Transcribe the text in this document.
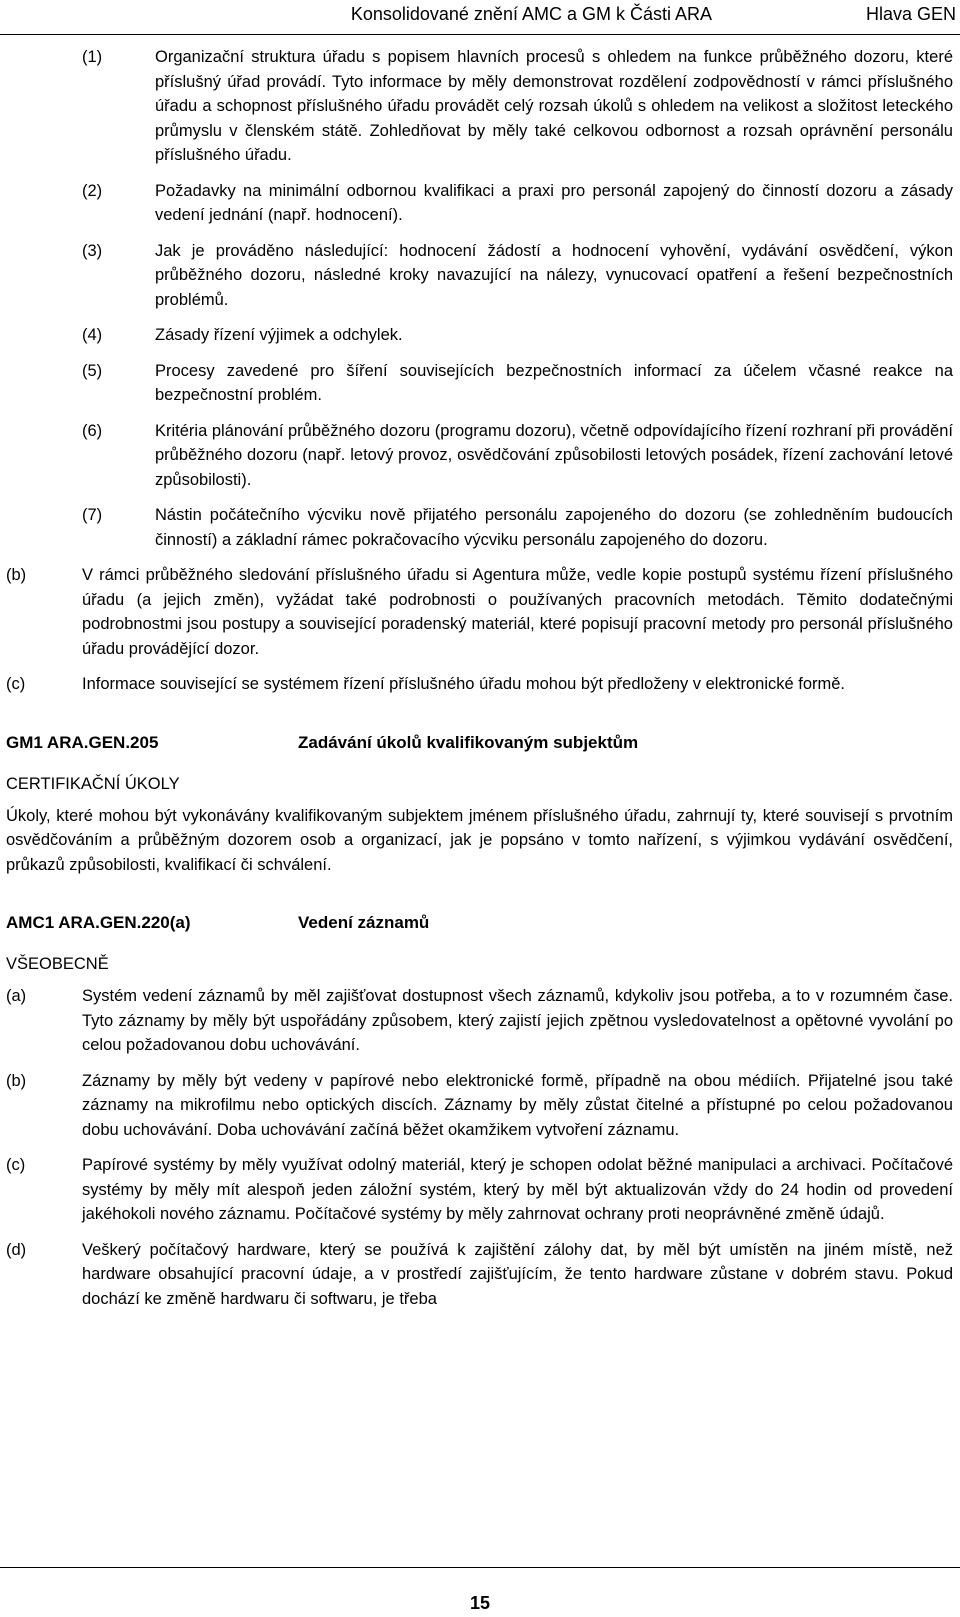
Konsolidované znění AMC a GM k Části ARA	Hlava GEN
(1)	Organizační struktura úřadu s popisem hlavních procesů s ohledem na funkce průběžného dozoru, které příslušný úřad provádí. Tyto informace by měly demonstrovat rozdělení zodpovědností v rámci příslušného úřadu a schopnost příslušného úřadu provádět celý rozsah úkolů s ohledem na velikost a složitost leteckého průmyslu v členském státě. Zohledňovat by měly také celkovou odbornost a rozsah oprávnění personálu příslušného úřadu.
(2)	Požadavky na minimální odbornou kvalifikaci a praxi pro personál zapojený do činností dozoru a zásady vedení jednání (např. hodnocení).
(3)	Jak je prováděno následující: hodnocení žádostí a hodnocení vyhovění, vydávání osvědčení, výkon průběžného dozoru, následné kroky navazující na nálezy, vynucovací opatření a řešení bezpečnostních problémů.
(4)	Zásady řízení výjimek a odchylek.
(5)	Procesy zavedené pro šíření souvisejících bezpečnostních informací za účelem včasné reakce na bezpečnostní problém.
(6)	Kritéria plánování průběžného dozoru (programu dozoru), včetně odpovídajícího řízení rozhraní při provádění průběžného dozoru (např. letový provoz, osvědčování způsobilosti letových posádek, řízení zachování letové způsobilosti).
(7)	Nástin počátečního výcviku nově přijatého personálu zapojeného do dozoru (se zohledněním budoucích činností) a základní rámec pokračovacího výcviku personálu zapojeného do dozoru.
(b)	V rámci průběžného sledování příslušného úřadu si Agentura může, vedle kopie postupů systému řízení příslušného úřadu (a jejich změn), vyžádat také podrobnosti o používaných pracovních metodách. Těmito dodatečnými podrobnostmi jsou postupy a související poradenský materiál, které popisují pracovní metody pro personál příslušného úřadu provádějící dozor.
(c)	Informace související se systémem řízení příslušného úřadu mohou být předloženy v elektronické formě.
GM1 ARA.GEN.205	Zadávání úkolů kvalifikovaným subjektům
CERTIFIKAČNÍ ÚKOLY
Úkoly, které mohou být vykonávány kvalifikovaným subjektem jménem příslušného úřadu, zahrnují ty, které souvisejí s prvotním osvědčováním a průběžným dozorem osob a organizací, jak je popsáno v tomto nařízení, s výjimkou vydávání osvědčení, průkazů způsobilosti, kvalifikací či schválení.
AMC1 ARA.GEN.220(a)	Vedení záznamů
VŠEOBECNĚ
(a)	Systém vedení záznamů by měl zajišťovat dostupnost všech záznamů, kdykoliv jsou potřeba, a to v rozumném čase. Tyto záznamy by měly být uspořádány způsobem, který zajistí jejich zpětnou vysledovatelnost a opětovné vyvolání po celou požadovanou dobu uchovávání.
(b)	Záznamy by měly být vedeny v papírové nebo elektronické formě, případně na obou médiích. Přijatelné jsou také záznamy na mikrofilmu nebo optických discích. Záznamy by měly zůstat čitelné a přístupné po celou požadovanou dobu uchovávání. Doba uchovávání začíná běžet okamžikem vytvoření záznamu.
(c)	Papírové systémy by měly využívat odolný materiál, který je schopen odolat běžné manipulaci a archivaci. Počítačové systémy by měly mít alespoň jeden záložní systém, který by měl být aktualizován vždy do 24 hodin od provedení jakéhokoli nového záznamu. Počítačové systémy by měly zahrnovat ochrany proti neoprávněné změně údajů.
(d)	Veškerý počítačový hardware, který se používá k zajištění zálohy dat, by měl být umístěn na jiném místě, než hardware obsahující pracovní údaje, a v prostředí zajišťujícím, že tento hardware zůstane v dobrém stavu. Pokud dochází ke změně hardwaru či softwaru, je třeba
15
